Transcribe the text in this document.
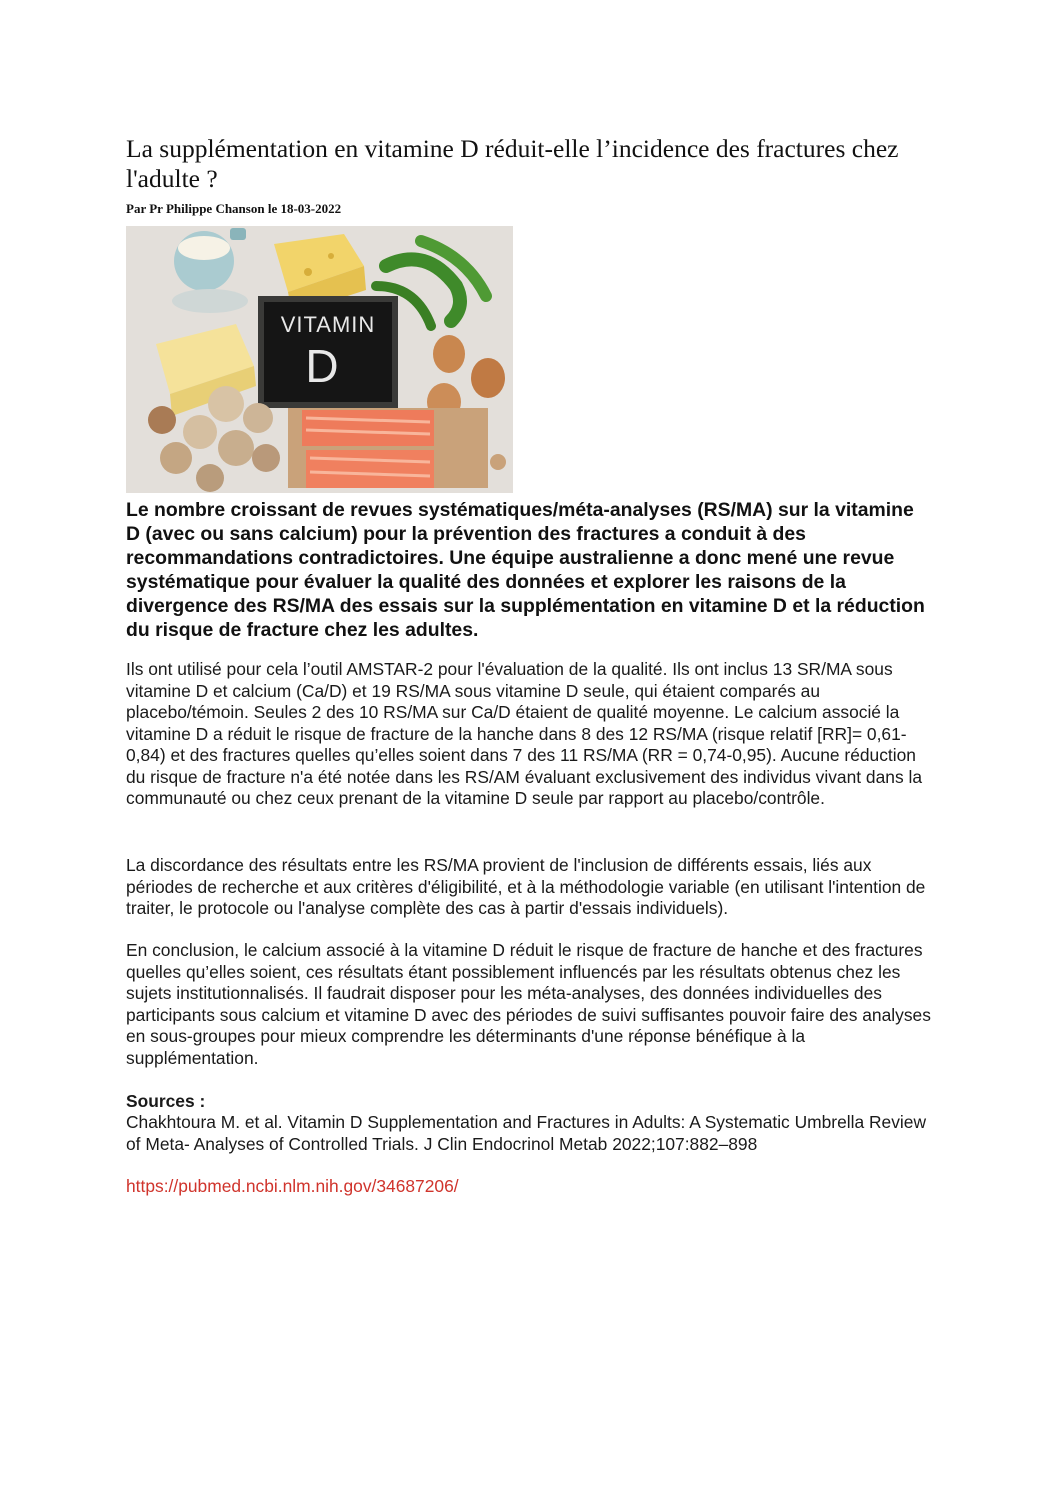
La supplémentation en vitamine D réduit-elle l’incidence des fractures chez l'adulte ?
Par Pr Philippe Chanson le 18-03-2022
VITAMIN
D

Le nombre croissant de revues systématiques/méta-analyses (RS/MA) sur la vitamine D (avec ou sans calcium) pour la prévention des fractures a conduit à des recommandations contradictoires. Une équipe australienne a donc mené une revue systématique pour évaluer la qualité des données et explorer les raisons de la divergence des RS/MA des essais sur la supplémentation en vitamine D et la réduction du risque de fracture chez les adultes.

Ils ont utilisé pour cela l’outil AMSTAR-2 pour l'évaluation de la qualité. Ils ont inclus 13 SR/MA sous vitamine D et calcium (Ca/D) et 19 RS/MA sous vitamine D seule, qui étaient comparés au placebo/témoin. Seules 2 des 10 RS/MA sur Ca/D étaient de qualité moyenne. Le calcium associé la vitamine D a réduit le risque de fracture de la hanche dans 8 des 12 RS/MA (risque relatif [RR]= 0,61-0,84) et des fractures quelles qu’elles soient dans 7 des 11 RS/MA (RR = 0,74-0,95). Aucune réduction du risque de fracture n'a été notée dans les RS/AM évaluant exclusivement des individus vivant dans la communauté ou chez ceux prenant de la vitamine D seule par rapport au placebo/contrôle.

La discordance des résultats entre les RS/MA provient de l'inclusion de différents essais, liés aux périodes de recherche et aux critères d'éligibilité, et à la méthodologie variable (en utilisant l'intention de traiter, le protocole ou l'analyse complète des cas à partir d'essais individuels).

En conclusion, le calcium associé à la vitamine D réduit le risque de fracture de hanche et des fractures quelles qu’elles soient, ces résultats étant possiblement influencés par les résultats obtenus chez les sujets institutionnalisés. Il faudrait disposer pour les méta-analyses, des données individuelles des participants sous calcium et vitamine D avec des périodes de suivi suffisantes pouvoir faire des analyses en sous-groupes pour mieux comprendre les déterminants d'une réponse bénéfique à la supplémentation.

Sources :
Chakhtoura M. et al. Vitamin D Supplementation and Fractures in Adults: A Systematic Umbrella Review of Meta- Analyses of Controlled Trials. J Clin Endocrinol Metab 2022;107:882–898
https://pubmed.ncbi.nlm.nih.gov/34687206/
